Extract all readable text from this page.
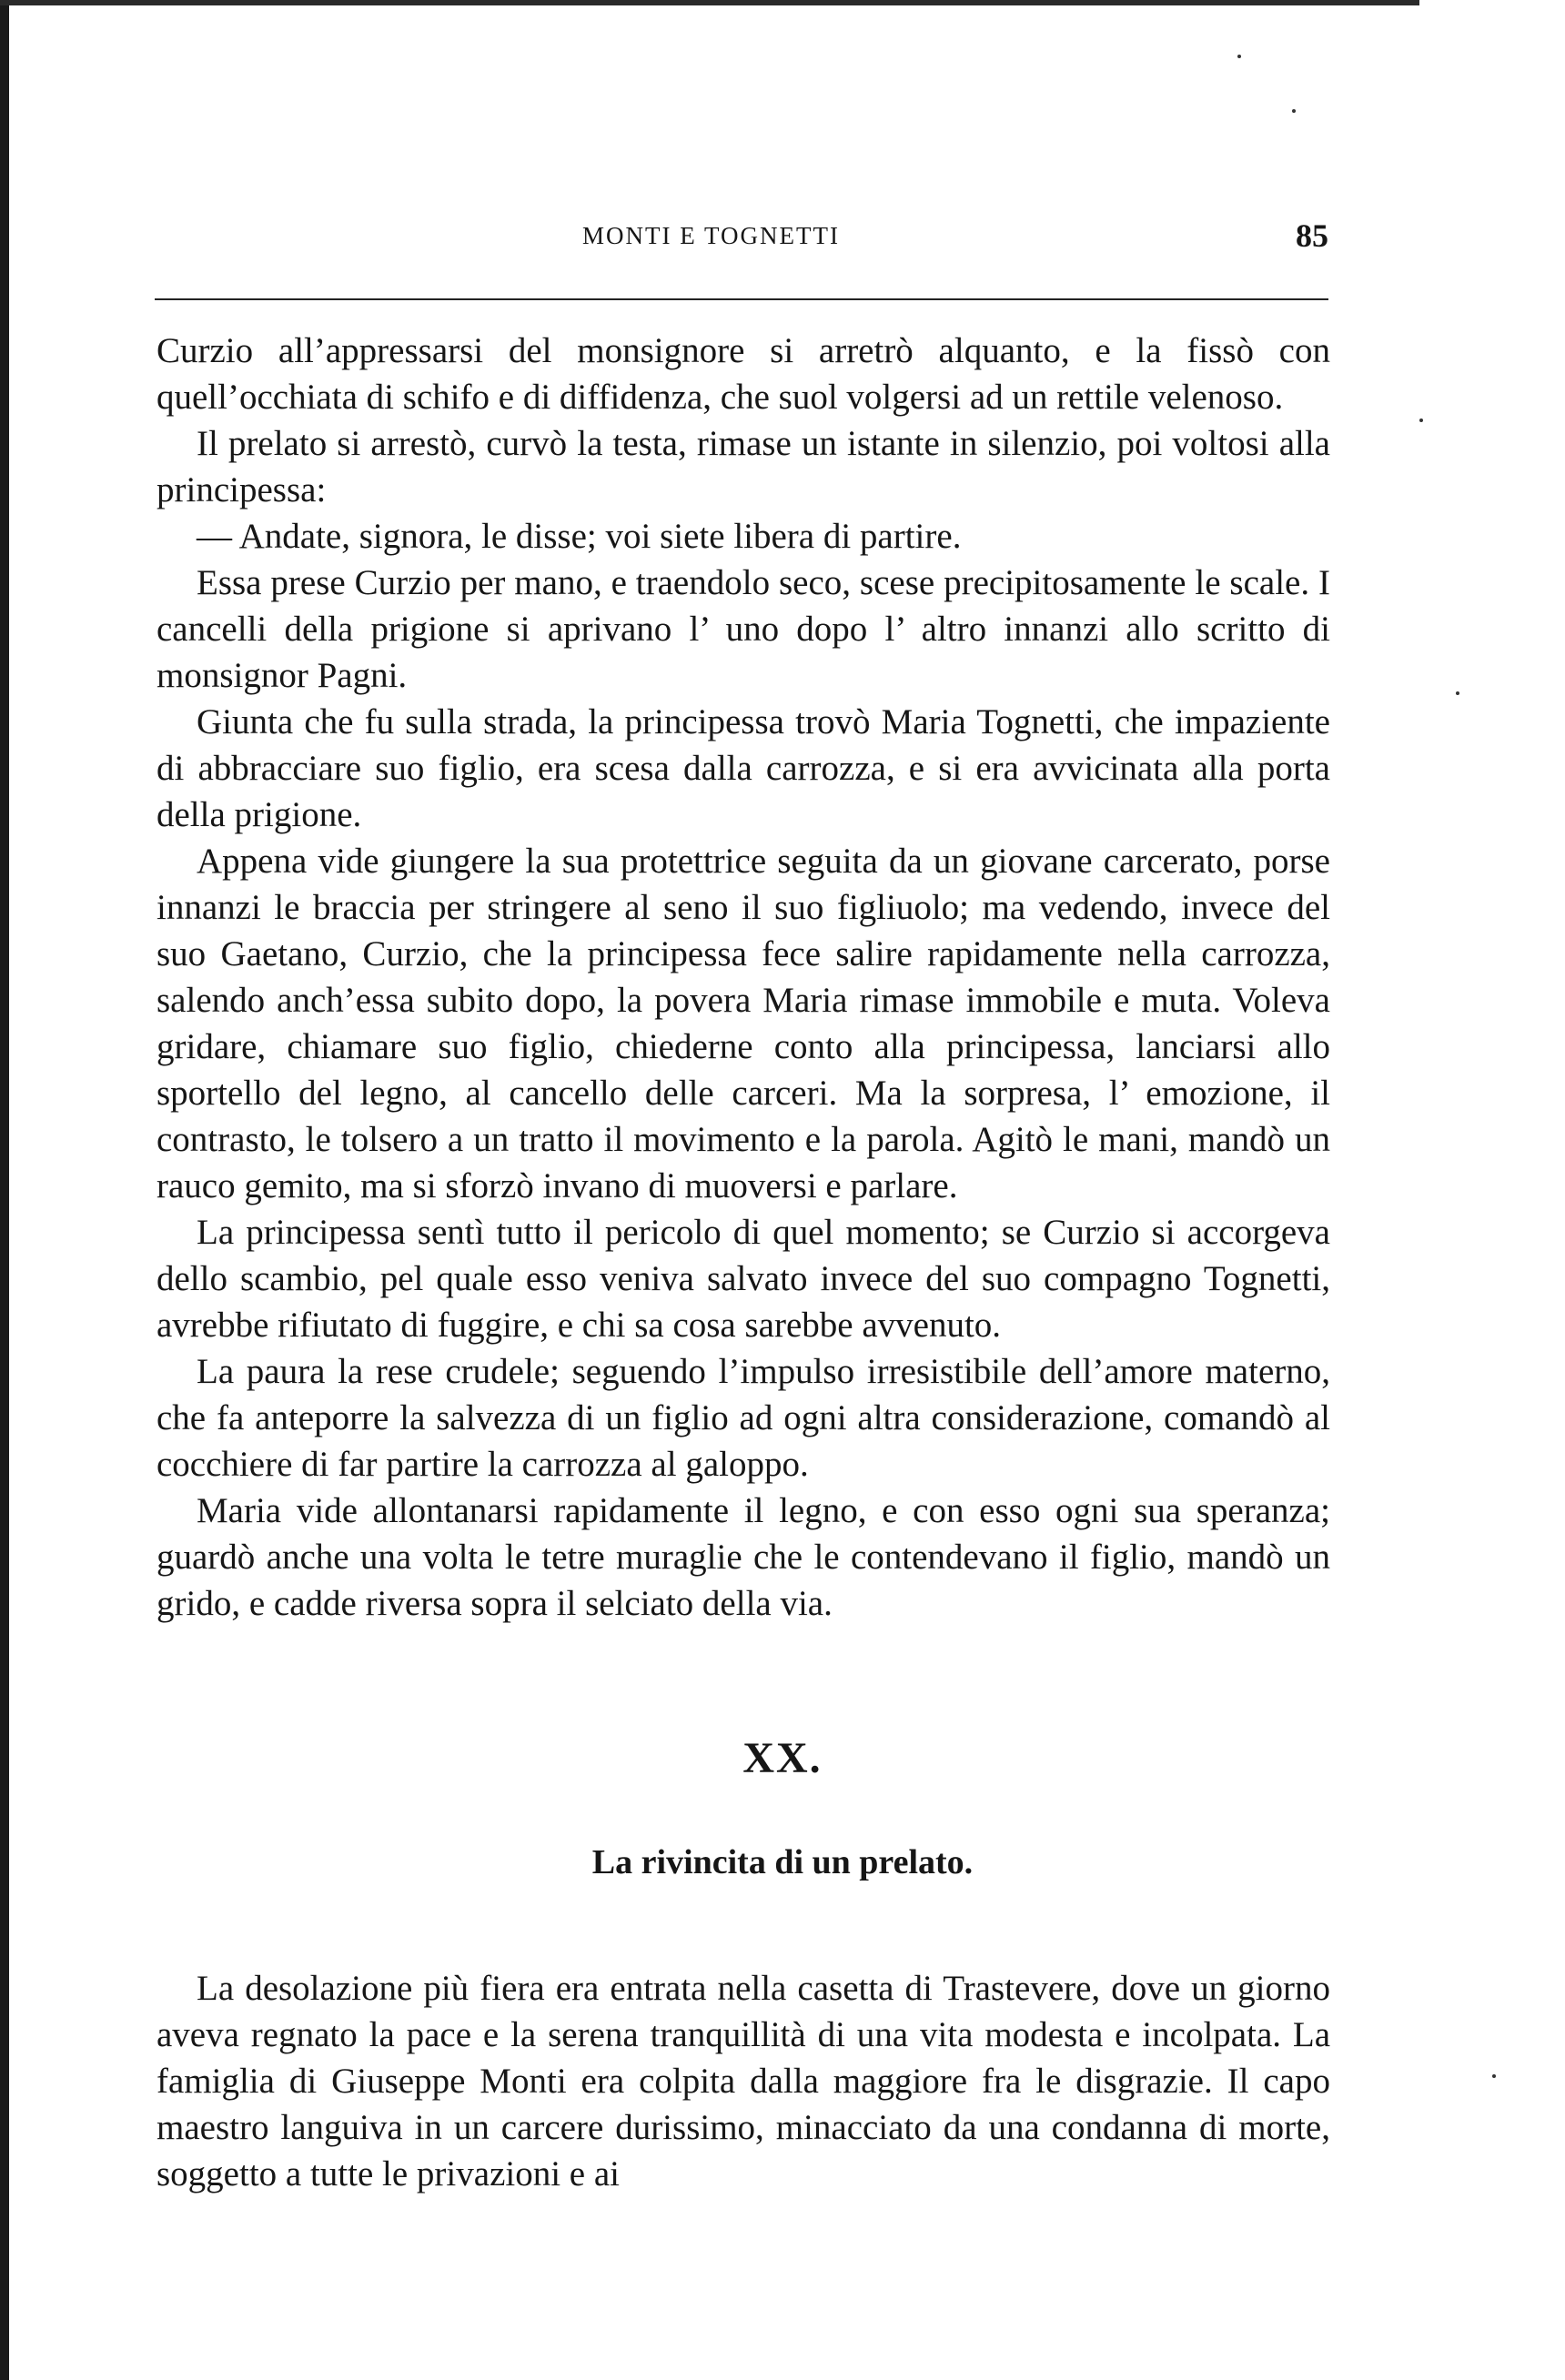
MONTI E TOGNETTI	85

Curzio all’appressarsi del monsignore si arretrò alquanto, e la fissò con quell’occhiata di schifo e di diffidenza, che suol volgersi ad un rettile velenoso.

Il prelato si arrestò, curvò la testa, rimase un istante in silenzio, poi voltosi alla principessa:

— Andate, signora, le disse; voi siete libera di partire.

Essa prese Curzio per mano, e traendolo seco, scese precipitosamente le scale. I cancelli della prigione si aprivano l’ uno dopo l’ altro innanzi allo scritto di monsignor Pagni.

Giunta che fu sulla strada, la principessa trovò Maria Tognetti, che impaziente di abbracciare suo figlio, era scesa dalla carrozza, e si era avvicinata alla porta della prigione.

Appena vide giungere la sua protettrice seguita da un giovane carcerato, porse innanzi le braccia per stringere al seno il suo figliuolo; ma vedendo, invece del suo Gaetano, Curzio, che la principessa fece salire rapidamente nella carrozza, salendo anch’essa subito dopo, la povera Maria rimase immobile e muta. Voleva gridare, chiamare suo figlio, chiederne conto alla principessa, lanciarsi allo sportello del legno, al cancello delle carceri. Ma la sorpresa, l’ emozione, il contrasto, le tolsero a un tratto il movimento e la parola. Agitò le mani, mandò un rauco gemito, ma si sforzò invano di muoversi e parlare.

La principessa sentì tutto il pericolo di quel momento; se Curzio si accorgeva dello scambio, pel quale esso veniva salvato invece del suo compagno Tognetti, avrebbe rifiutato di fuggire, e chi sa cosa sarebbe avvenuto.

La paura la rese crudele; seguendo l’impulso irresistibile dell’amore materno, che fa anteporre la salvezza di un figlio ad ogni altra considerazione, comandò al cocchiere di far partire la carrozza al galoppo.

Maria vide allontanarsi rapidamente il legno, e con esso ogni sua speranza; guardò anche una volta le tetre muraglie che le contendevano il figlio, mandò un grido, e cadde riversa sopra il selciato della via.

XX.
La rivincita di un prelato.

La desolazione più fiera era entrata nella casetta di Trastevere, dove un giorno aveva regnato la pace e la serena tranquillità di una vita modesta e incolpata. La famiglia di Giuseppe Monti era colpita dalla maggiore fra le disgrazie. Il capo maestro languiva in un carcere durissimo, minacciato da una condanna di morte, soggetto a tutte le privazioni e ai
